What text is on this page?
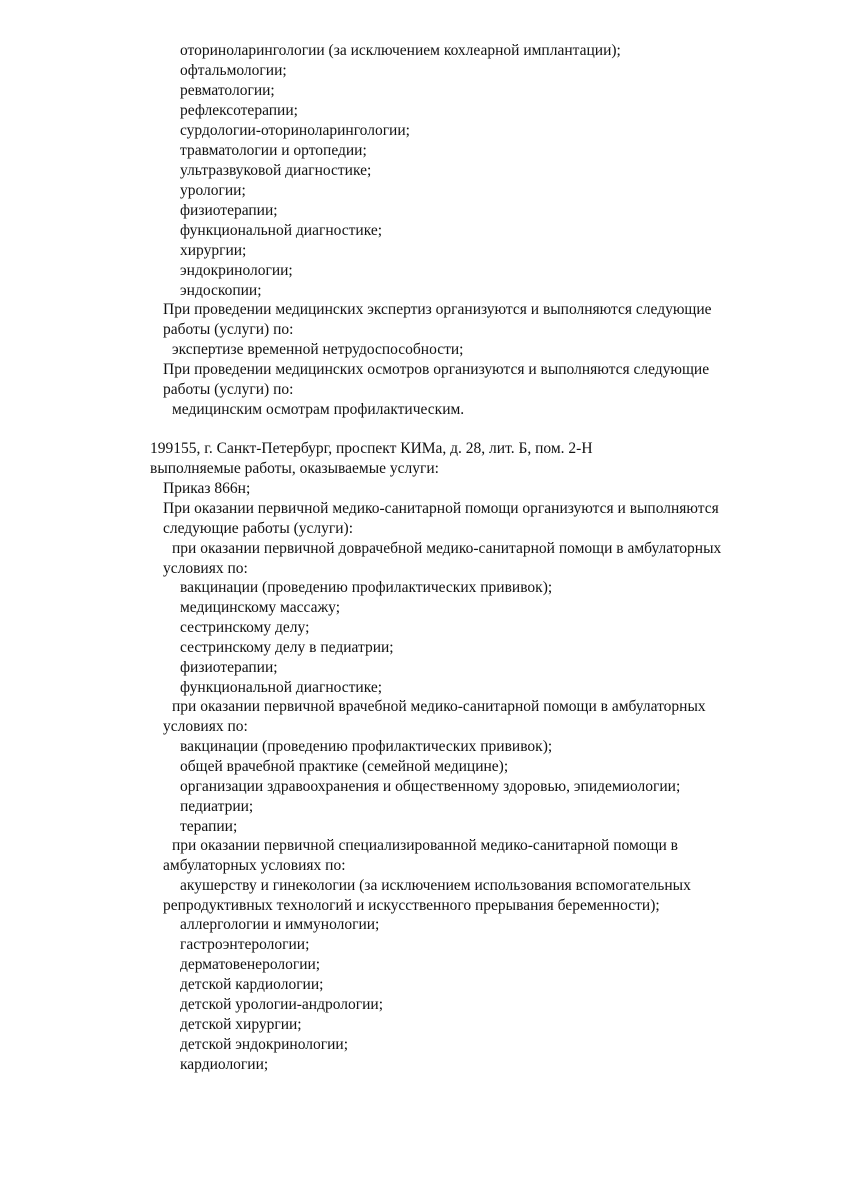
оториноларингологии (за исключением кохлеарной имплантации);
офтальмологии;
ревматологии;
рефлексотерапии;
сурдологии-оториноларингологии;
травматологии и ортопедии;
ультразвуковой диагностике;
урологии;
физиотерапии;
функциональной диагностике;
хирургии;
эндокринологии;
эндоскопии;
При проведении медицинских экспертиз организуются и выполняются следующие
работы (услуги) по:
экспертизе временной нетрудоспособности;
При проведении медицинских осмотров организуются и выполняются следующие
работы (услуги) по:
медицинским осмотрам профилактическим.
199155, г. Санкт-Петербург, проспект КИМа, д. 28, лит. Б, пом. 2-Н
выполняемые работы, оказываемые услуги:
Приказ 866н;
При оказании первичной медико-санитарной помощи организуются и выполняются
следующие работы (услуги):
при оказании первичной доврачебной медико-санитарной помощи в амбулаторных
условиях по:
вакцинации (проведению профилактических прививок);
медицинскому массажу;
сестринскому делу;
сестринскому делу в педиатрии;
физиотерапии;
функциональной диагностике;
при оказании первичной врачебной медико-санитарной помощи в амбулаторных
условиях по:
вакцинации (проведению профилактических прививок);
общей врачебной практике (семейной медицине);
организации здравоохранения и общественному здоровью, эпидемиологии;
педиатрии;
терапии;
при оказании первичной специализированной медико-санитарной помощи в
амбулаторных условиях по:
акушерству и гинекологии (за исключением использования вспомогательных
репродуктивных технологий и искусственного прерывания беременности);
аллергологии и иммунологии;
гастроэнтерологии;
дерматовенерологии;
детской кардиологии;
детской урологии-андрологии;
детской хирургии;
детской эндокринологии;
кардиологии;
